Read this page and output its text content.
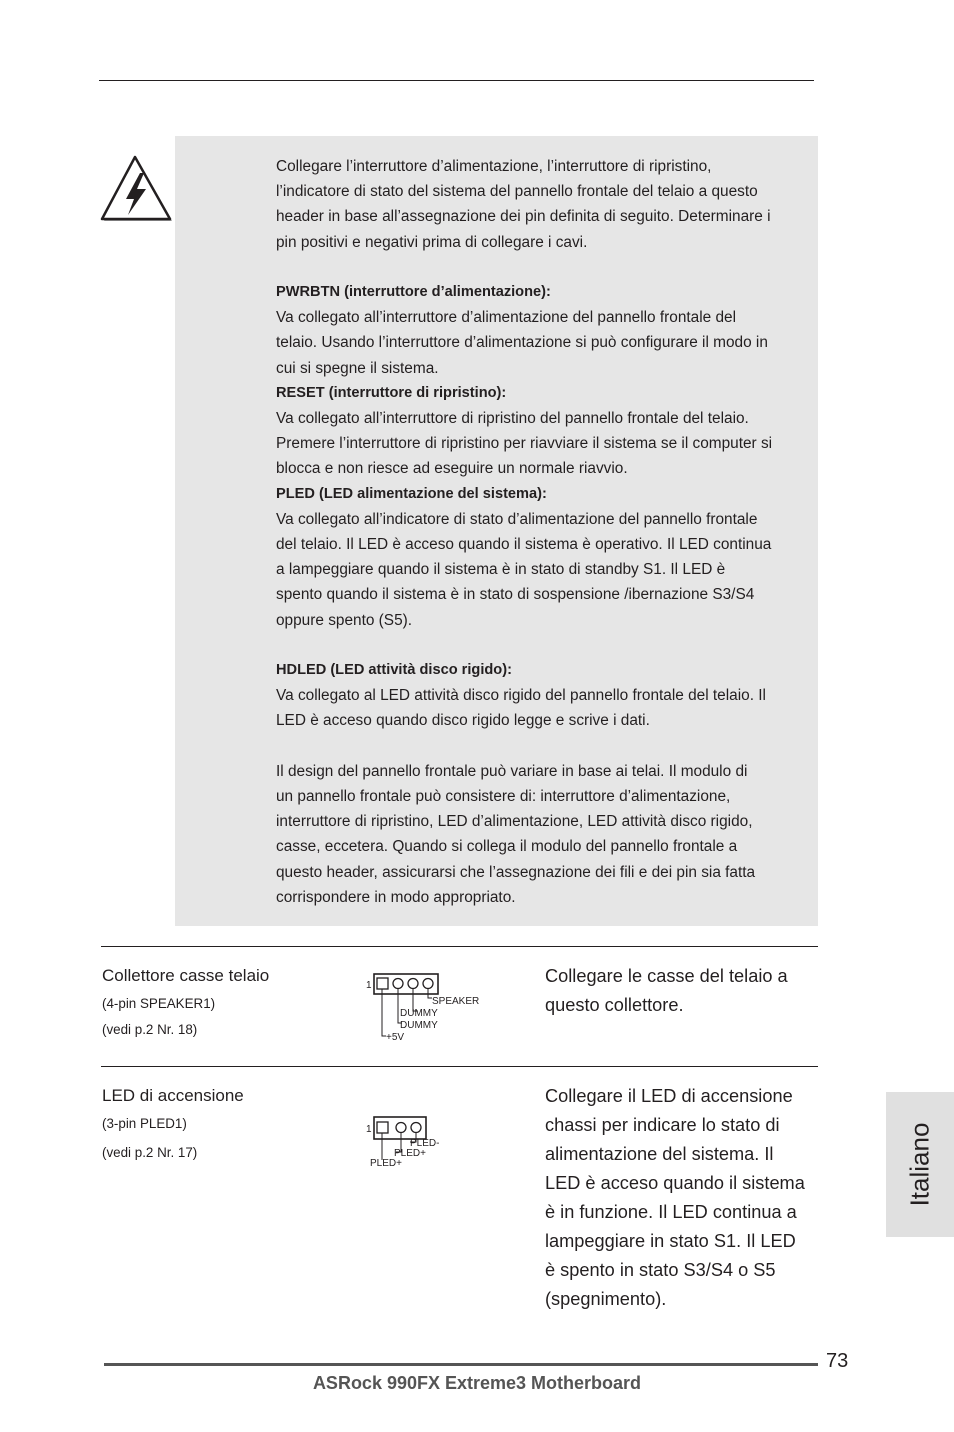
Collegare l’interruttore d’alimentazione, l’interruttore di ripristino,

l’indicatore di stato del sistema del pannello frontale del telaio a questo

header in base all’assegnazione dei pin definita di seguito. Determinare i

pin positivi e negativi prima di collegare i cavi.

PWRBTN (interruttore d’alimentazione):

Va collegato all’interruttore d’alimentazione del pannello frontale del

telaio. Usando l’interruttore d’alimentazione si può configurare il modo in

cui si spegne il sistema.

RESET (interruttore di ripristino):

Va collegato all’interruttore di ripristino del pannello frontale del telaio.

Premere l’interruttore di ripristino per riavviare il sistema se il computer si

blocca e non riesce ad eseguire un normale riavvio.

PLED (LED alimentazione del sistema):

Va collegato all’indicatore di stato d’alimentazione del pannello frontale

del telaio. Il LED è acceso quando il sistema è operativo. Il LED continua

a lampeggiare quando il sistema è in stato di standby S1. Il LED è

spento quando il sistema è in stato di sospensione /ibernazione S3/S4

oppure spento (S5).

HDLED (LED attività disco rigido):

Va collegato al LED attività disco rigido del pannello frontale del telaio. Il

LED è acceso quando disco rigido legge e scrive i dati.

Il design del pannello frontale può variare in base ai telai. Il modulo di

un pannello frontale può consistere di: interruttore d’alimentazione,

interruttore di ripristino, LED d’alimentazione, LED attività disco rigido,

casse, eccetera. Quando si collega il modulo del pannello frontale a

questo header, assicurarsi che l’assegnazione dei fili e dei pin sia fatta

corrispondere in modo appropriato.

Collettore casse telaio
(4-pin SPEAKER1)
(vedi p.2 Nr. 18)
1
SPEAKER
DUMMY
DUMMY
+5V

Collegare le casse del telaio a

questo collettore.

LED di accensione
(3-pin PLED1)
(vedi p.2 Nr. 17)
1
PLED-
PLED+
PLED+

Collegare il LED di accensione

chassi per indicare lo stato di

alimentazione del sistema. Il

LED è acceso quando il sistema

è in funzione. Il LED continua a

lampeggiare in stato S1. Il LED

è spento in stato S3/S4 o S5

(spegnimento).

Italiano
73
ASRock 990FX Extreme3 Motherboard
